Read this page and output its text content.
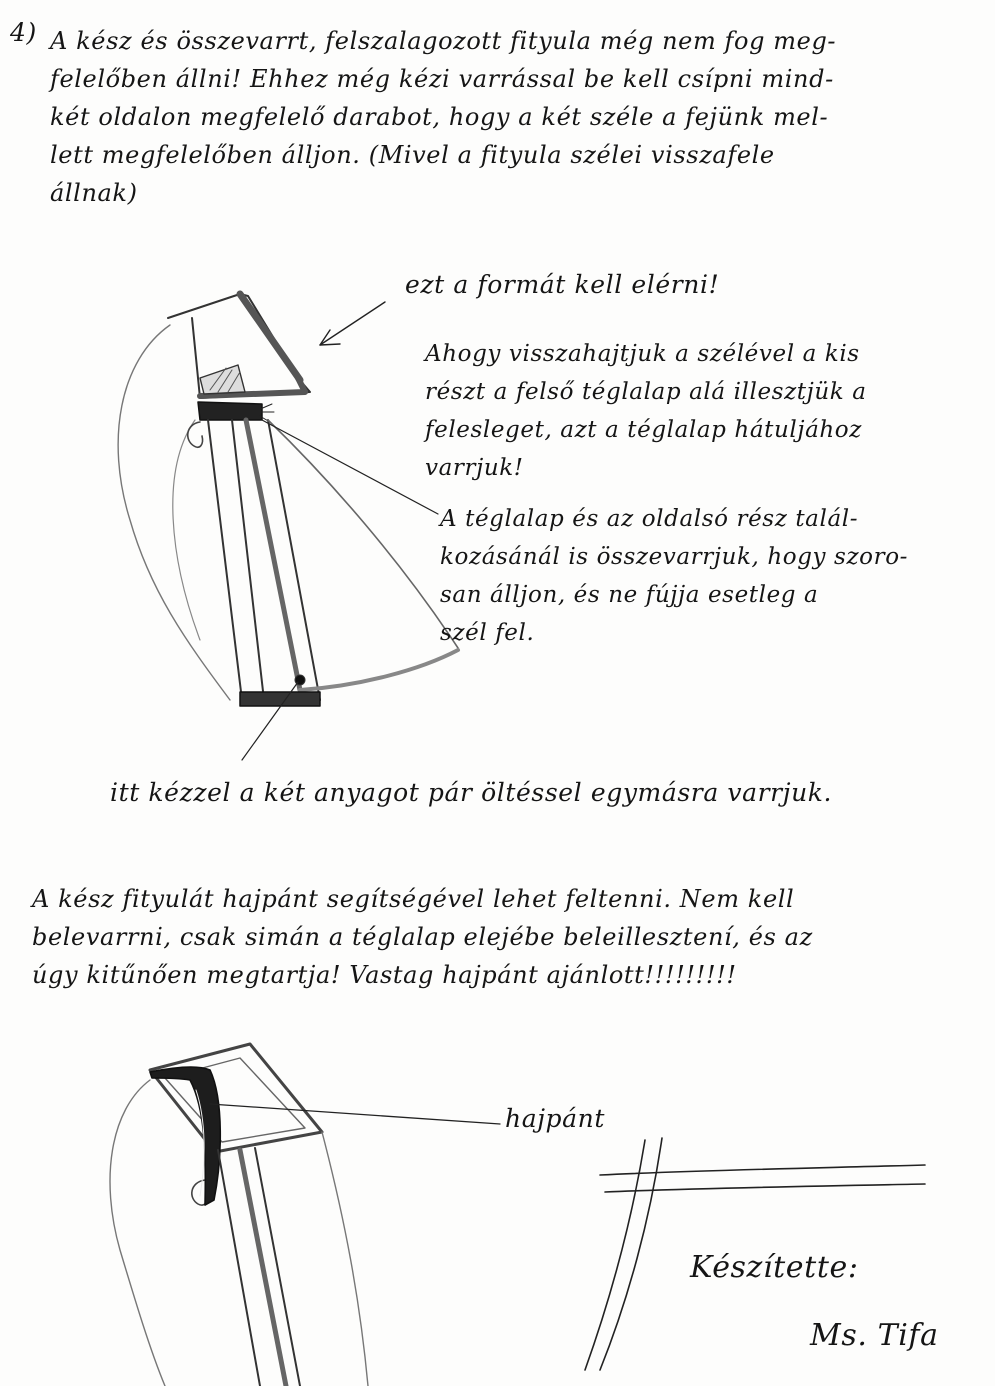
4) A kész és összevarrt, felszalagozott fityula még nem fog meg-
felelőben állni! Ehhez még kézi varrással be kell csípni mind-
két oldalon megfelelő darabot, hogy a két széle a fejünk mel-
lett megfelelőben álljon. (Mivel a fityula szélei visszafele
állnak)
ezt a formát kell elérni!
Ahogy visszahajtjuk a szélével a kis
részt a felső téglalap alá illesztjük a
felesleget, azt a téglalap hátuljához
varrjuk!
A téglalap és az oldalsó rész talál-
kozásánál is összevarrjuk, hogy szoro-
san álljon, és ne fújja esetleg a
szél fel.
itt kézzel a két anyagot pár öltéssel egymásra varrjuk.
A kész fityulát hajpánt segítségével lehet feltenni. Nem kell
belevarrni, csak simán a téglalap elejébe beleillesztení, és az
úgy kitűnően megtartja! Vastag hajpánt ajánlott!!!!!!!!!
hajpánt
Készítette:
Ms. Tifa
